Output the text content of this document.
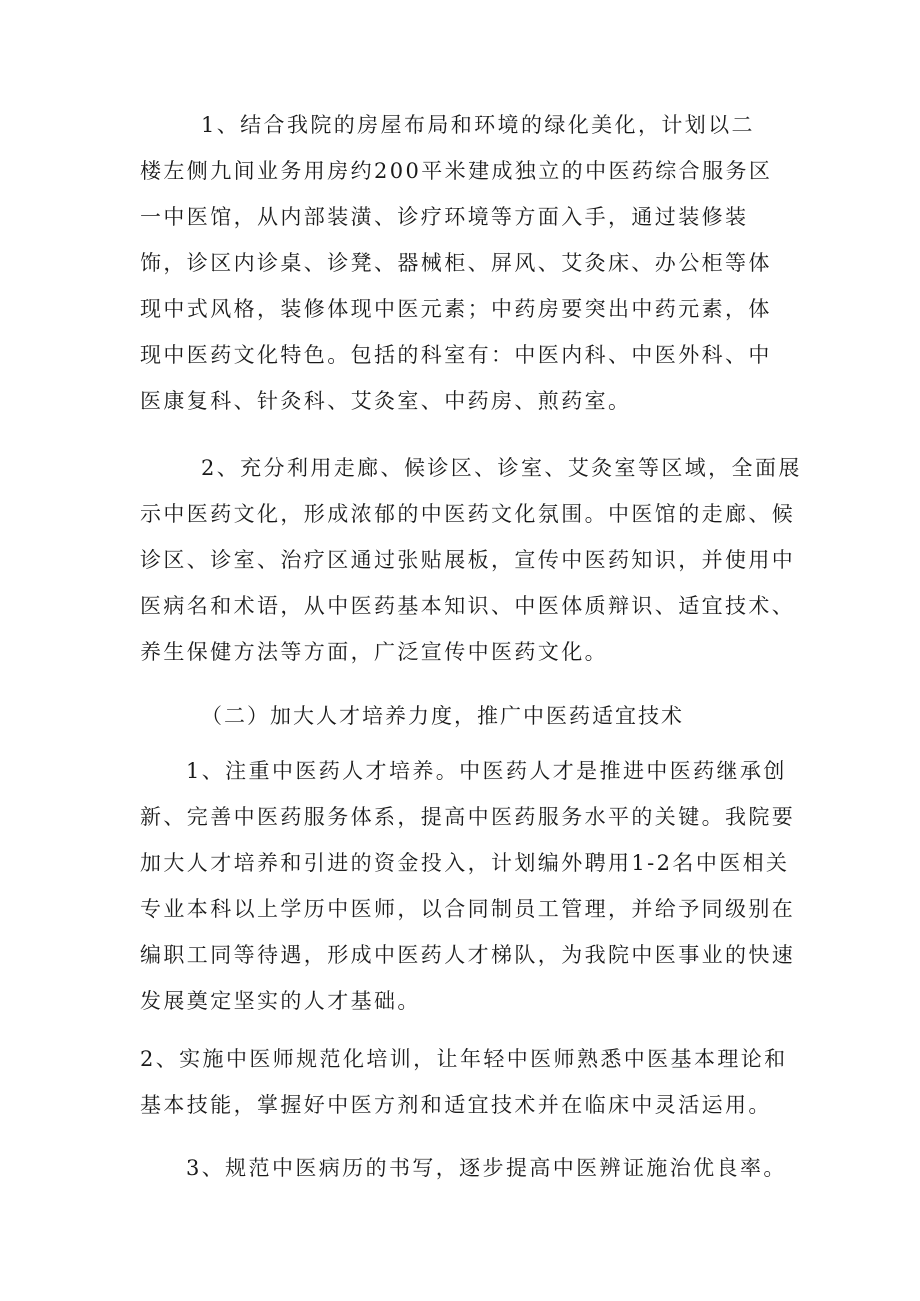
1、结合我院的房屋布局和环境的绿化美化，计划以二

楼左侧九间业务用房约200平米建成独立的中医药综合服务区

一中医馆，从内部装潢、诊疗环境等方面入手，通过装修装

饰，诊区内诊桌、诊凳、器械柜、屏风、艾灸床、办公柜等体

现中式风格，装修体现中医元素；中药房要突出中药元素，体

现中医药文化特色。包括的科室有：中医内科、中医外科、中

医康复科、针灸科、艾灸室、中药房、煎药室。

2、充分利用走廊、候诊区、诊室、艾灸室等区域，全面展

示中医药文化，形成浓郁的中医药文化氛围。中医馆的走廊、候

诊区、诊室、治疗区通过张贴展板，宣传中医药知识，并使用中

医病名和术语，从中医药基本知识、中医体质辩识、适宜技术、

养生保健方法等方面，广泛宣传中医药文化。

（二）加大人才培养力度，推广中医药适宜技术

1、注重中医药人才培养。中医药人才是推进中医药继承创

新、完善中医药服务体系，提高中医药服务水平的关键。我院要

加大人才培养和引进的资金投入，计划编外聘用1-2名中医相关

专业本科以上学历中医师，以合同制员工管理，并给予同级别在

编职工同等待遇，形成中医药人才梯队，为我院中医事业的快速

发展奠定坚实的人才基础。

2、实施中医师规范化培训，让年轻中医师熟悉中医基本理论和

基本技能，掌握好中医方剂和适宜技术并在临床中灵活运用。

3、规范中医病历的书写，逐步提高中医辨证施治优良率。
